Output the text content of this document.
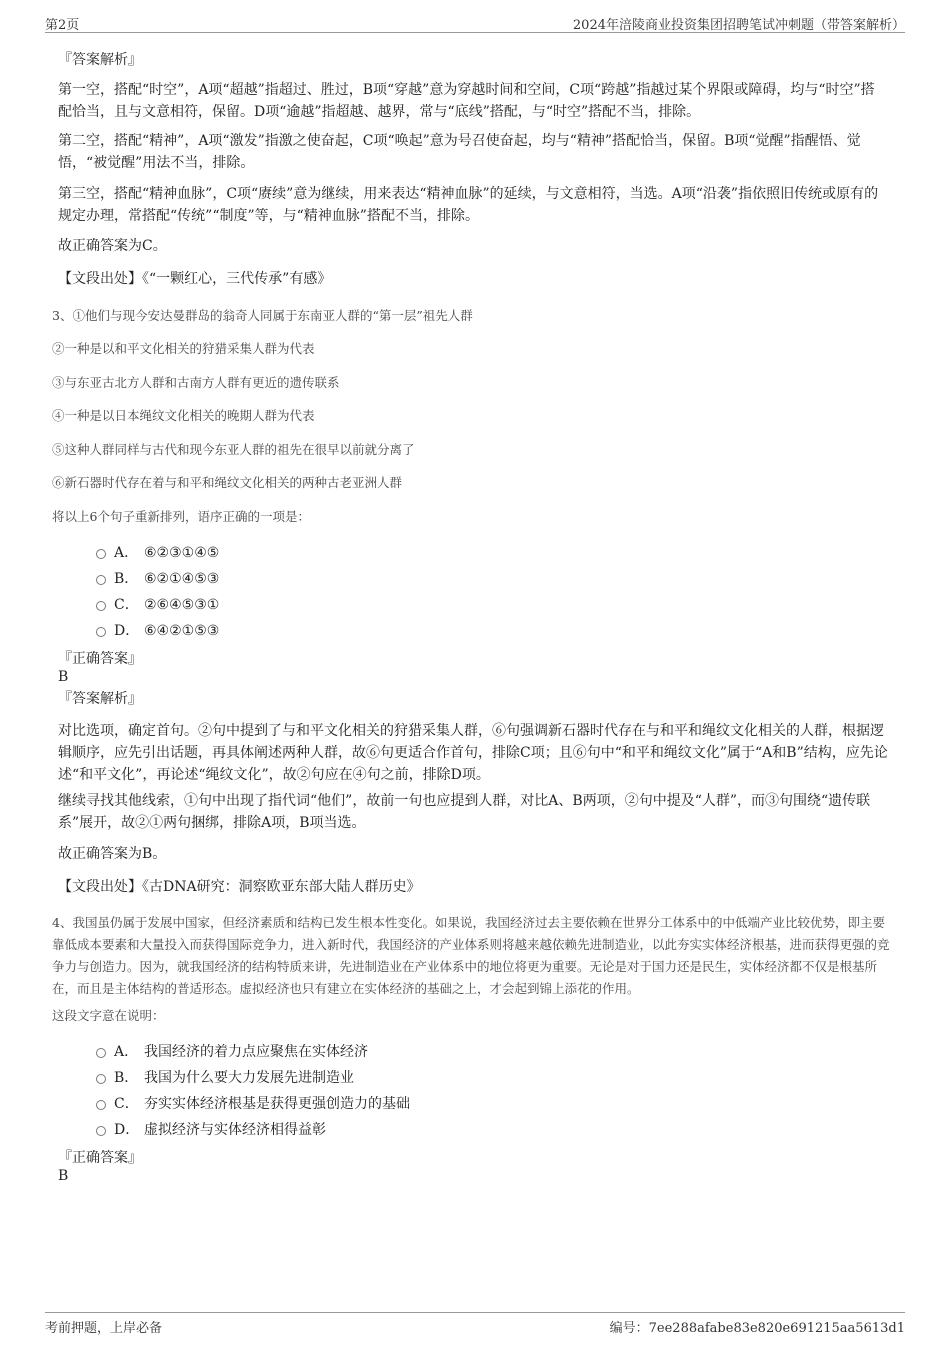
第2页	2024年涪陵商业投资集团招聘笔试冲刺题（带答案解析）
『答案解析』
第一空，搭配“时空”，A项“超越”指超过、胜过，B项“穿越”意为穿越时间和空间，C项“跨越”指越过某个界限或障碍，均与“时空”搭配恰当，且与文意相符，保留。D项“逾越”指超越、越界，常与“底线”搭配，与“时空”搭配不当，排除。
第二空，搭配“精神”，A项“激发”指激之使奋起，C项“唤起”意为号召使奋起，均与“精神”搭配恰当，保留。B项“觉醒”指醒悟、觉悟，“被觉醒”用法不当，排除。
第三空，搭配“精神血脉”，C项“赓续”意为继续，用来表达“精神血脉”的延续，与文意相符，当选。A项“沿袭”指依照旧传统或原有的规定办理，常搭配“传统”“制度”等，与“精神血脉”搭配不当，排除。
故正确答案为C。
【文段出处】《“一颗红心，三代传承”有感》
3、①他们与现今安达曼群岛的翁奇人同属于东南亚人群的“第一层”祖先人群
②一种是以和平文化相关的狩猎采集人群为代表
③与东亚古北方人群和古南方人群有更近的遗传联系
④一种是以日本绳纹文化相关的晚期人群为代表
⑤这种人群同样与古代和现今东亚人群的祖先在很早以前就分离了
⑥新石器时代存在着与和平和绳纹文化相关的两种古老亚洲人群
将以上6个句子重新排列，语序正确的一项是：
A． ⑥②③①④⑤
B． ⑥②①④⑤③
C． ②⑥④⑤③①
D． ⑥④②①⑤③
『正确答案』
B
『答案解析』
对比选项，确定首句。②句中提到了与和平文化相关的狩猎采集人群，⑥句强调新石器时代存在与和平和绳纹文化相关的人群，根据逻辑顺序，应先引出话题，再具体阐述两种人群，故⑥句更适合作首句，排除C项；且⑥句中“和平和绳纹文化”属于“A和B”结构，应先论述“和平文化”，再论述“绳纹文化”，故②句应在④句之前，排除D项。
继续寻找其他线索，①句中出现了指代词“他们”，故前一句也应提到人群，对比A、B两项，②句中提及“人群”，而③句围绕“遗传联系”展开，故②①两句捆绑，排除A项，B项当选。
故正确答案为B。
【文段出处】《古DNA研究：洞察欧亚东部大陆人群历史》
4、我国虽仍属于发展中国家，但经济素质和结构已发生根本性变化。如果说，我国经济过去主要依赖在世界分工体系中的中低端产业比较优势，即主要靠低成本要素和大量投入而获得国际竞争力，进入新时代，我国经济的产业体系则将越来越依赖先进制造业，以此夯实实体经济根基，进而获得更强的竞争力与创造力。因为，就我国经济的结构特质来讲，先进制造业在产业体系中的地位将更为重要。无论是对于国力还是民生，实体经济都不仅是根基所在，而且是主体结构的普适形态。虚拟经济也只有建立在实体经济的基础之上，才会起到锦上添花的作用。
这段文字意在说明：
A． 我国经济的着力点应聚焦在实体经济
B． 我国为什么要大力发展先进制造业
C． 夯实实体经济根基是获得更强创造力的基础
D． 虚拟经济与实体经济相得益彰
『正确答案』
B
考前押题，上岸必备	编号：7ee288afabe83e820e691215aa5613d1
